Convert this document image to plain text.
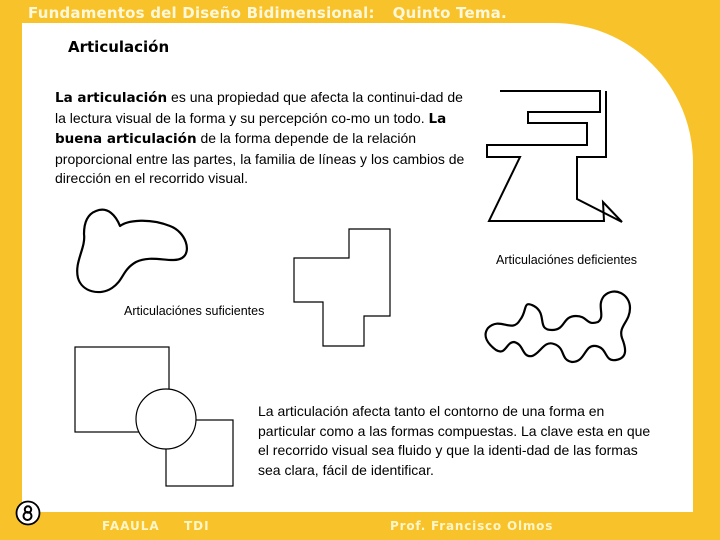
Fundamentos del Diseño Bidimensional: Quinto Tema.
Articulación

La articulación es una propiedad que afecta la continui-dad de la lectura visual de la forma y su percepción co-mo un todo. La buena articulación de la forma depende de la relación proporcional entre las partes, la familia de líneas y los cambios de dirección en el recorrido visual.

Articulaciónes deficientes
Articulaciónes suficientes

La articulación afecta tanto el contorno de una forma en particular como a las formas compuestas. La clave esta en que el recorrido visual sea fluido y que la identi-dad de las formas sea clara, fácil de identificar.

FAAULA TDI	Prof. Francisco Olmos
